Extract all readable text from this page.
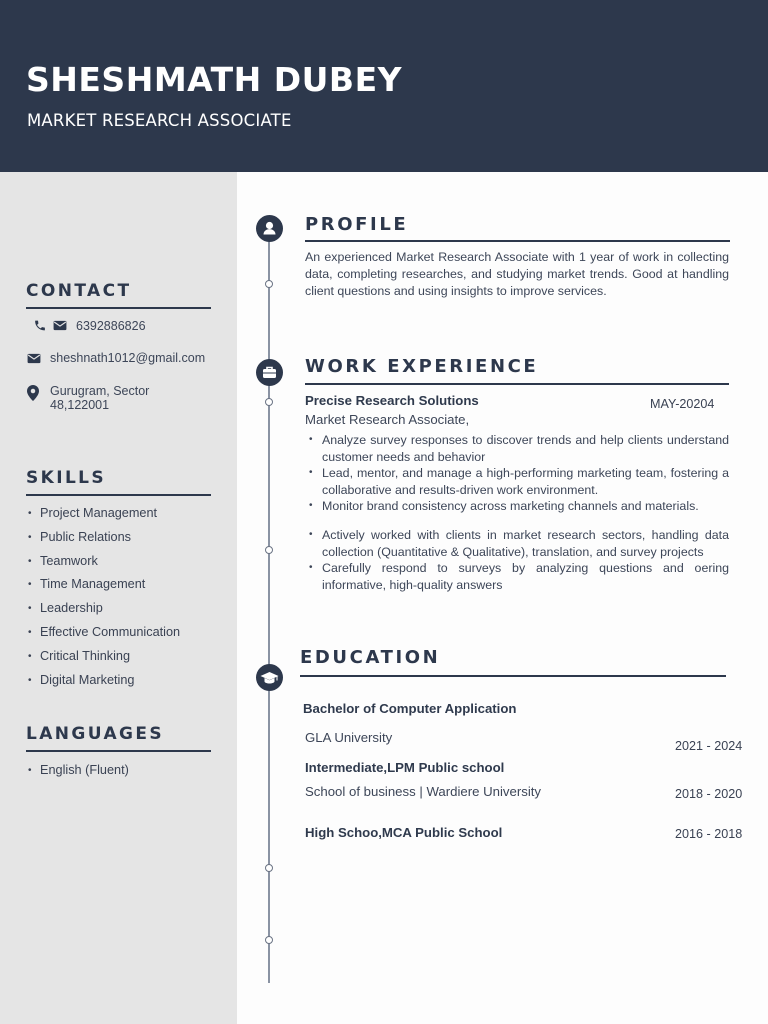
SHESHMATH DUBEY
MARKET RESEARCH ASSOCIATE
CONTACT
6392886826
sheshnath1012@gmail.com
Gurugram, Sector
48,122001
SKILLS
• Project Management
• Public Relations
• Teamwork
• Time Management
• Leadership
• Effective Communication
• Critical Thinking
• Digital Marketing
LANGUAGES
• English (Fluent)
PROFILE
An experienced Market Research Associate with 1 year of work in collecting data, completing researches, and studying market trends. Good at handling client questions and using insights to improve services.
WORK EXPERIENCE
Precise Research Solutions	MAY-20204
Market Research Associate,
• Analyze survey responses to discover trends and help clients understand customer needs and behavior
• Lead, mentor, and manage a high-performing marketing team, fostering a collaborative and results-driven work environment.
• Monitor brand consistency across marketing channels and materials.
• Actively worked with clients in market research sectors, handling data collection (Quantitative & Qualitative), translation, and survey projects
• Carefully respond to surveys by analyzing questions and oering informative, high-quality answers
EDUCATION
Bachelor of Computer Application
GLA University
2021 - 2024
Intermediate,LPM Public school
School of business | Wardiere University	2018 - 2020
High Schoo,MCA Public School	2016 - 2018
